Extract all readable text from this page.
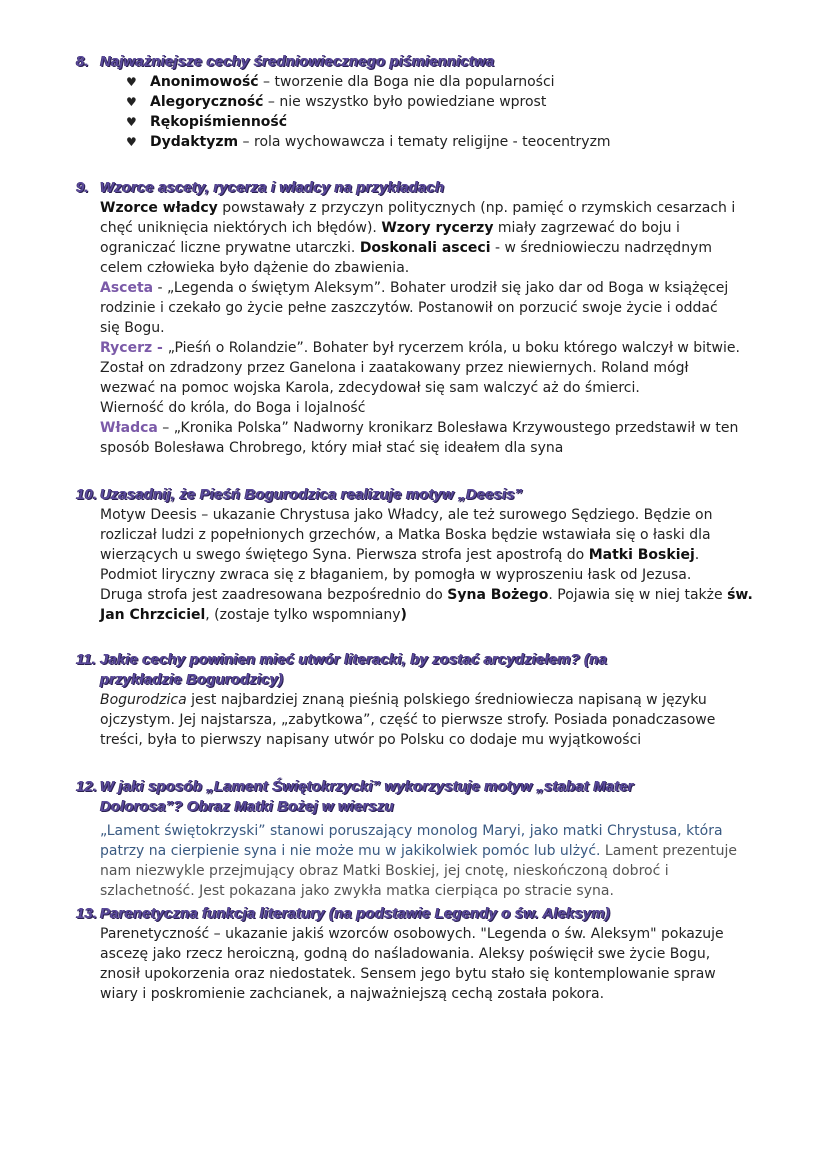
8. Najważniejsze cechy średniowiecznego piśmiennictwa
♥ Anonimowość – tworzenie dla Boga nie dla popularności
♥ Alegoryczność – nie wszystko było powiedziane wprost
♥ Rękopiśmienność
♥ Dydaktyzm – rola wychowawcza i tematy religijne - teocentryzm
9. Wzorce ascety, rycerza i władcy na przykładach
Wzorce władcy powstawały z przyczyn politycznych (np. pamięć o rzymskich cesarzach i
chęć uniknięcia niektórych ich błędów). Wzory rycerzy miały zagrzewać do boju i
ograniczać liczne prywatne utarczki. Doskonali asceci - w średniowieczu nadrzędnym
celem człowieka było dążenie do zbawienia.
Asceta - „Legenda o świętym Aleksym”. Bohater urodził się jako dar od Boga w książęcej
rodzinie i czekało go życie pełne zaszczytów. Postanowił on porzucić swoje życie i oddać
się Bogu.
Rycerz - „Pieśń o Rolandzie”. Bohater był rycerzem króla, u boku którego walczył w bitwie.
Został on zdradzony przez Ganelona i zaatakowany przez niewiernych. Roland mógł
wezwać na pomoc wojska Karola, zdecydował się sam walczyć aż do śmierci.
Wierność do króla, do Boga i lojalność
Władca – „Kronika Polska” Nadworny kronikarz Bolesława Krzywoustego przedstawił w ten
sposób Bolesława Chrobrego, który miał stać się ideałem dla syna
10. Uzasadnij, że Pieśń Bogurodzica realizuje motyw „Deesis”
Motyw Deesis – ukazanie Chrystusa jako Władcy, ale też surowego Sędziego. Będzie on
rozliczał ludzi z popełnionych grzechów, a Matka Boska będzie wstawiała się o łaski dla
wierzących u swego świętego Syna. Pierwsza strofa jest apostrofą do Matki Boskiej.
Podmiot liryczny zwraca się z błaganiem, by pomogła w wyproszeniu łask od Jezusa.
Druga strofa jest zaadresowana bezpośrednio do Syna Bożego. Pojawia się w niej także św.
Jan Chrzciciel, (zostaje tylko wspomniany)
11. Jakie cechy powinien mieć utwór literacki, by zostać arcydziełem? (na
przykładzie Bogurodzicy)
Bogurodzica jest najbardziej znaną pieśnią polskiego średniowiecza napisaną w języku
ojczystym. Jej najstarsza, „zabytkowa”, część to pierwsze strofy. Posiada ponadczasowe
treści, była to pierwszy napisany utwór po Polsku co dodaje mu wyjątkowości
12. W jaki sposób „Lament Świętokrzycki” wykorzystuje motyw „stabat Mater
Dolorosa”? Obraz Matki Bożej w wierszu
„Lament świętokrzyski” stanowi poruszający monolog Maryi, jako matki Chrystusa, która
patrzy na cierpienie syna i nie może mu w jakikolwiek pomóc lub ulżyć. Lament prezentuje
nam niezwykle przejmujący obraz Matki Boskiej, jej cnotę, nieskończoną dobroć i
szlachetność. Jest pokazana jako zwykła matka cierpiąca po stracie syna.
13. Parenetyczna funkcja literatury (na podstawie Legendy o św. Aleksym)
Parenetyczność – ukazanie jakiś wzorców osobowych. "Legenda o św. Aleksym" pokazuje
ascezę jako rzecz heroiczną, godną do naśladowania. Aleksy poświęcił swe życie Bogu,
znosił upokorzenia oraz niedostatek. Sensem jego bytu stało się kontemplowanie spraw
wiary i poskromienie zachcianek, a najważniejszą cechą została pokora.
